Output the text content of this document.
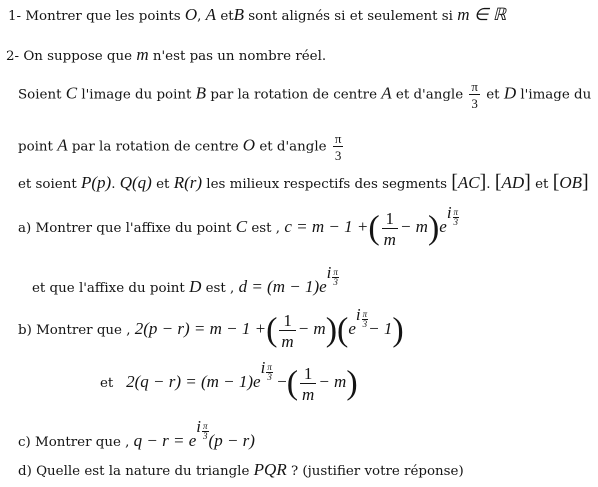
1- Montrer que les points O, A etB sont alignés si et seulement si m ∈ ℝ
2- On suppose que m n'est pas un nombre réel.
Soient C l'image du point B par la rotation de centre A et d'angle $\frac{\pi}{3}$ et D l'image du
point A par la rotation de centre O et d'angle $\frac{\pi}{3}$
et soient P(p). Q(q) et R(r) les milieux respectifs des segments [AC]. [AD] et [OB]
a) Montrer que l'affixe du point C est , c = m − 1 +( $\frac{1}{m} - m)ei \frac{\pi}{3}$
et que l'affixe du point D est , $d = (m - 1)ei \frac{\pi}{3}$
b) Montrer que , 2(p − r) = m − 1 +( $\frac{1}{m} - m)(ei \frac{\pi}{3} - 1)$
et $2(q - r) = (m - 1)ei \frac{\pi}{3}$ −( $\frac{1}{m} - m$)
c) Montrer que , q − r = ei $\frac{\pi}{3} (p - r)$
d) Quelle est la nature du triangle PQR ? (justifier votre réponse)
